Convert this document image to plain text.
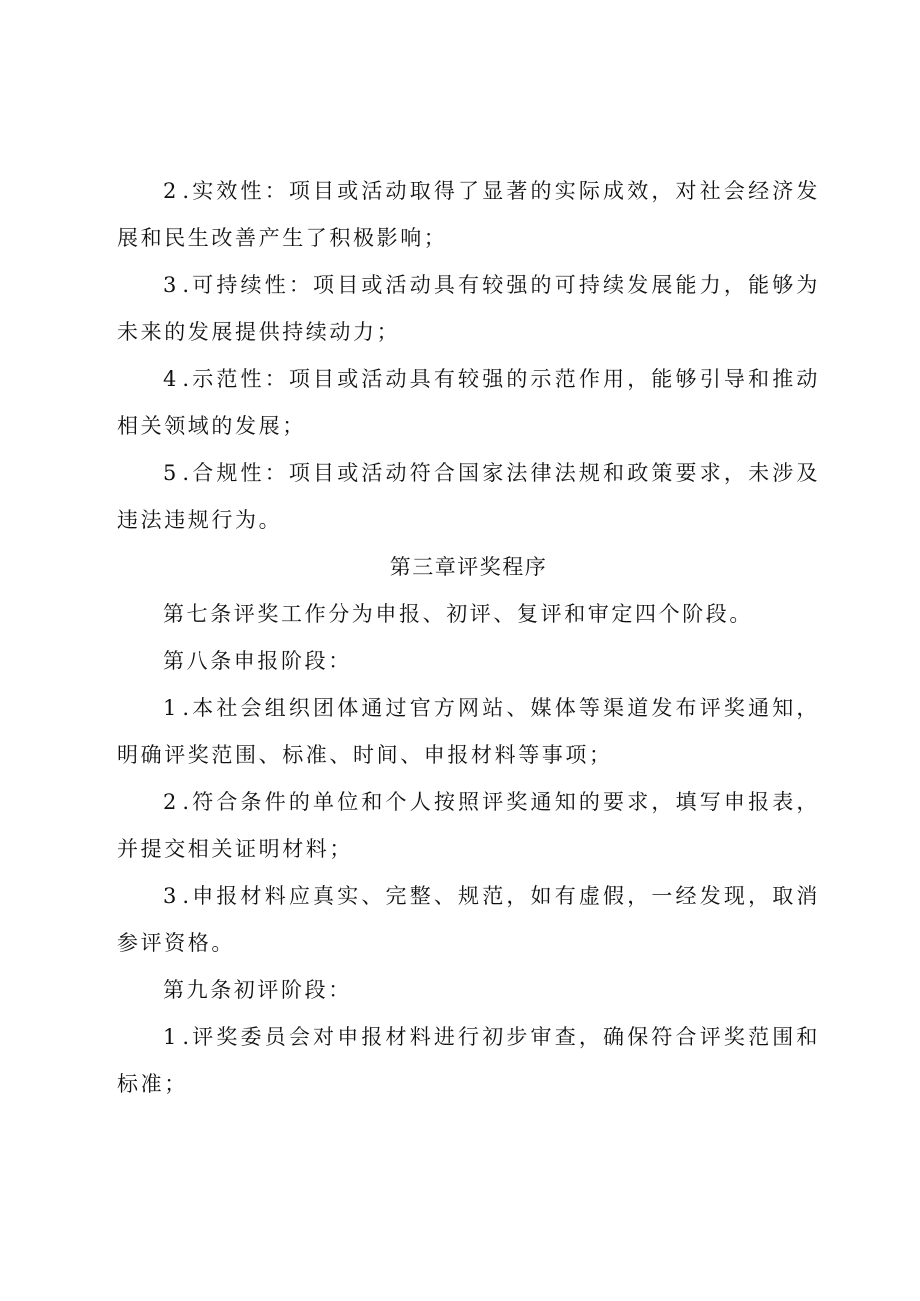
2.实效性：项目或活动取得了显著的实际成效，对社会经济发展和民生改善产生了积极影响；

3.可持续性：项目或活动具有较强的可持续发展能力，能够为未来的发展提供持续动力；

4.示范性：项目或活动具有较强的示范作用，能够引导和推动相关领域的发展；

5.合规性：项目或活动符合国家法律法规和政策要求，未涉及违法违规行为。

第三章评奖程序

第七条评奖工作分为申报、初评、复评和审定四个阶段。

第八条申报阶段：

1.本社会组织团体通过官方网站、媒体等渠道发布评奖通知，明确评奖范围、标准、时间、申报材料等事项；

2.符合条件的单位和个人按照评奖通知的要求，填写申报表，并提交相关证明材料；

3.申报材料应真实、完整、规范，如有虚假，一经发现，取消参评资格。

第九条初评阶段：

1.评奖委员会对申报材料进行初步审查，确保符合评奖范围和标准；
